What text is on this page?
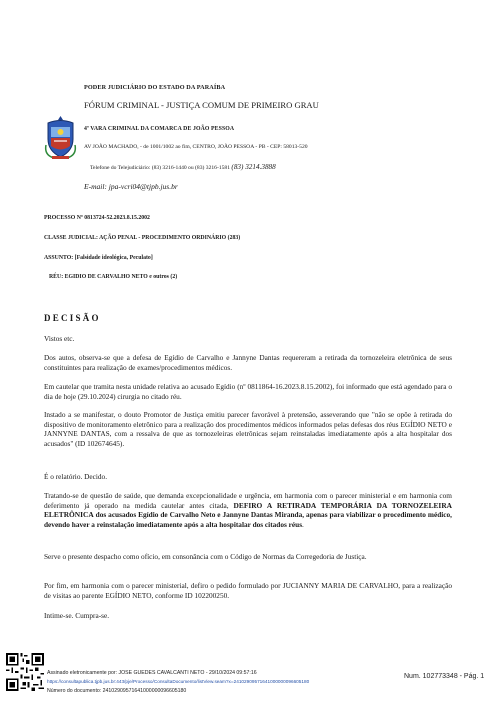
PODER JUDICIÁRIO DO ESTADO DA PARAÍBA
FÓRUM CRIMINAL - JUSTIÇA COMUM DE PRIMEIRO GRAU
4ª VARA CRIMINAL DA COMARCA DE JOÃO PESSOA
AV JOÃO MACHADO, - de 1001/1002 ao fim, CENTRO, JOÃO PESSOA - PB - CEP: 58013-520
Telefone do Telejudiciário: (83) 3216-1440 ou (83) 3216-1581 (83) 3214.3888
E-mail: jpa-vcri04@tjpb.jus.br
PROCESSO Nº 0813724-52.2023.8.15.2002
CLASSE JUDICIAL: AÇÃO PENAL - PROCEDIMENTO ORDINÁRIO (283)
ASSUNTO: [Falsidade ideológica, Peculato]
RÉU: EGIDIO DE CARVALHO NETO e outros (2)
D E C I S Ã O

Vistos etc.

Dos autos, observa-se que a defesa de Egídio de Carvalho e Jannyne Dantas requereram a retirada da tornozeleira eletrônica de seus constituintes para realização de exames/procedimentos médicos.

Em cautelar que tramita nesta unidade relativa ao acusado Egídio (nº 0811864-16.2023.8.15.2002), foi informado que está agendado para o dia de hoje (29.10.2024) cirurgia no citado réu.

Instado a se manifestar, o douto Promotor de Justiça emitiu parecer favorável à pretensão, asseverando que "não se opõe à retirada do dispositivo de monitoramento eletrônico para a realização dos procedimentos médicos informados pelas defesas dos réus EGÍDIO NETO e JANNYNE DANTAS, com a ressalva de que as tornozeleiras eletrônicas sejam reinstaladas imediatamente após a alta hospitalar dos acusados" (ID 102674645).

É o relatório. Decido.

Tratando-se de questão de saúde, que demanda excepcionalidade e urgência, em harmonia com o parecer ministerial e em harmonia com deferimento já operado na medida cautelar antes citada, DEFIRO A RETIRADA TEMPORÁRIA DA TORNOZELEIRA ELETRÔNICA dos acusados Egídio de Carvalho Neto e Jannyne Dantas Miranda, apenas para viabilizar o procedimento médico, devendo haver a reinstalação imediatamente após a alta hospitalar dos citados réus.

Serve o presente despacho como ofício, em consonância com o Código de Normas da Corregedoria de Justiça.

Por fim, em harmonia com o parecer ministerial, defiro o pedido formulado por JUCIANNY MARIA DE CARVALHO, para a realização de visitas ao parente EGÍDIO NETO, conforme ID 102200250.

Intime-se. Cumpra-se.

Assinado eletronicamente por: JOSE GUEDES CAVALCANTI NETO - 29/10/2024 09:57:16
https://consultapublica.tjpb.jus.br:443/pje/Processo/ConsultaDocumento/listView.seam?x=24102909571641000000096605180
Número do documento: 24102909571641000000096605180
Num. 102773348 - Pág. 1
